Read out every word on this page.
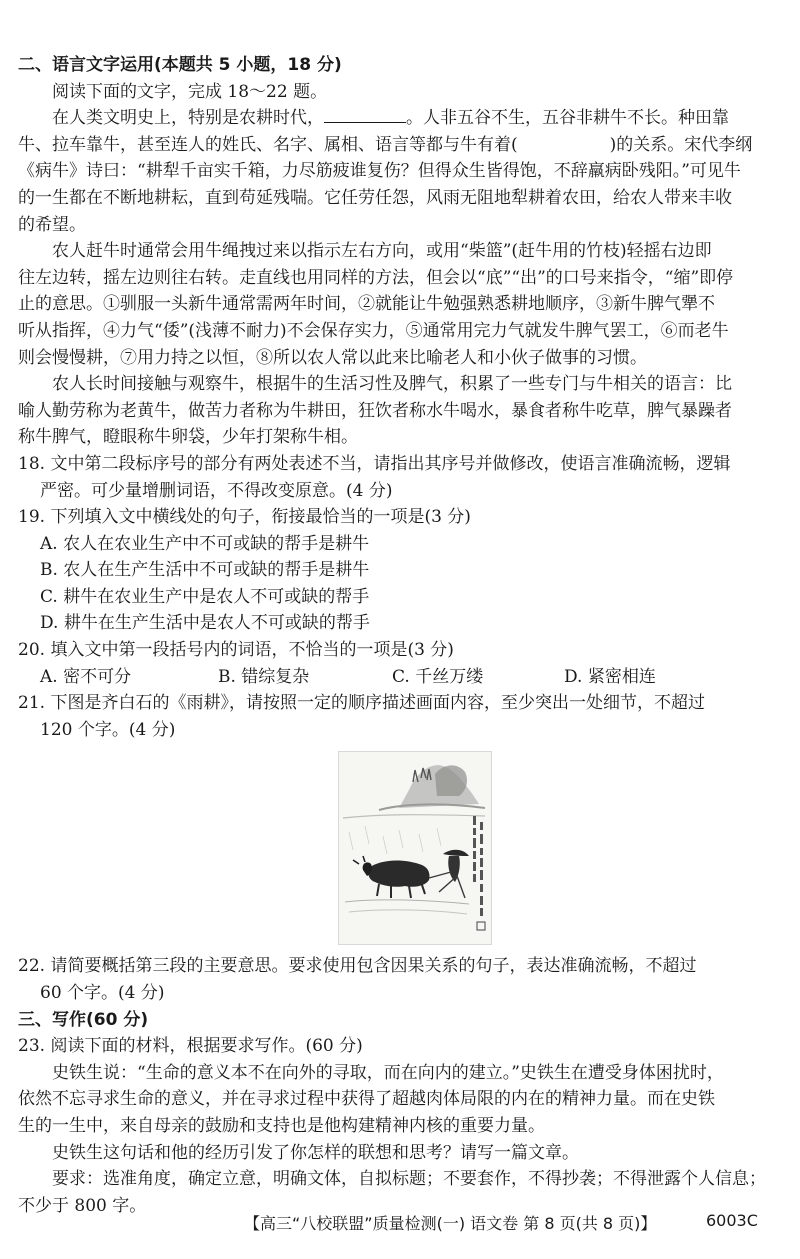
二、语言文字运用(本题共 5 小题，18 分)
阅读下面的文字，完成 18～22 题。
在人类文明史上，特别是农耕时代，	。人非五谷不生，五谷非耕牛不长。种田靠
牛、拉车靠牛，甚至连人的姓氏、名字、属相、语言等都与牛有着(	)的关系。宋代李纲
《病牛》诗曰：“耕犁千亩实千箱，力尽筋疲谁复伤？但得众生皆得饱，不辞羸病卧残阳。”可见牛
的一生都在不断地耕耘，直到苟延残喘。它任劳任怨，风雨无阻地犁耕着农田，给农人带来丰收
的希望。
农人赶牛时通常会用牛绳拽过来以指示左右方向，或用“柴篮”(赶牛用的竹枝)轻摇右边即
往左边转，摇左边则往右转。走直线也用同样的方法，但会以“底”“出”的口号来指令，“缩”即停
止的意思。①驯服一头新牛通常需两年时间，②就能让牛勉强熟悉耕地顺序，③新牛脾气犟不
听从指挥，④力气“倭”(浅薄不耐力)不会保存实力，⑤通常用完力气就发牛脾气罢工，⑥而老牛
则会慢慢耕，⑦用力持之以恒，⑧所以农人常以此来比喻老人和小伙子做事的习惯。
农人长时间接触与观察牛，根据牛的生活习性及脾气，积累了一些专门与牛相关的语言：比
喻人勤劳称为老黄牛，做苦力者称为牛耕田，狂饮者称水牛喝水，暴食者称牛吃草，脾气暴躁者
称牛脾气，瞪眼称牛卵袋，少年打架称牛相。
18. 文中第二段标序号的部分有两处表述不当，请指出其序号并做修改，使语言准确流畅，逻辑
严密。可少量增删词语，不得改变原意。(4 分)
19. 下列填入文中横线处的句子，衔接最恰当的一项是(3 分)
A. 农人在农业生产中不可或缺的帮手是耕牛
B. 农人在生产生活中不可或缺的帮手是耕牛
C. 耕牛在农业生产中是农人不可或缺的帮手
D. 耕牛在生产生活中是农人不可或缺的帮手
20. 填入文中第一段括号内的词语，不恰当的一项是(3 分)
A. 密不可分	B. 错综复杂	C. 千丝万缕	D. 紧密相连
21. 下图是齐白石的《雨耕》，请按照一定的顺序描述画面内容，至少突出一处细节，不超过
120 个字。(4 分)
22. 请简要概括第三段的主要意思。要求使用包含因果关系的句子，表达准确流畅，不超过
60 个字。(4 分)
三、写作(60 分)
23. 阅读下面的材料，根据要求写作。(60 分)
史铁生说：“生命的意义本不在向外的寻取，而在向内的建立。”史铁生在遭受身体困扰时，
依然不忘寻求生命的意义，并在寻求过程中获得了超越肉体局限的内在的精神力量。而在史铁
生的一生中，来自母亲的鼓励和支持也是他构建精神内核的重要力量。
史铁生这句话和他的经历引发了你怎样的联想和思考？请写一篇文章。
要求：选准角度，确定立意，明确文体，自拟标题；不要套作，不得抄袭；不得泄露个人信息；
不少于 800 字。
【高三“八校联盟”质量检测(一) 语文卷 第 8 页(共 8 页)】	6003C
